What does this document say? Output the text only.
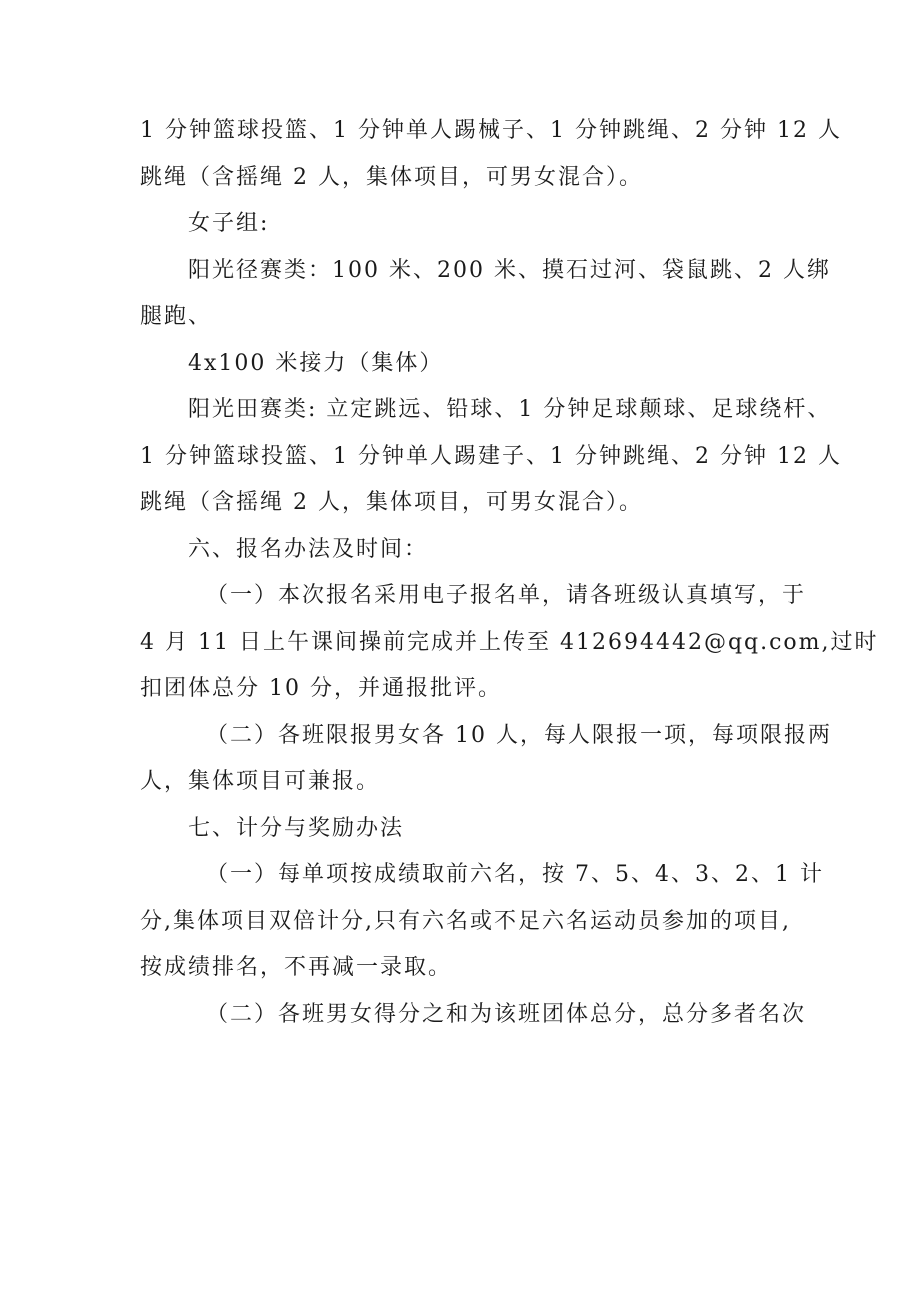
1 分钟篮球投篮、1 分钟单人踢械子、1 分钟跳绳、2 分钟 12 人
跳绳（含摇绳 2 人，集体项目，可男女混合）。
女子组:
阳光径赛类：100 米、200 米、摸石过河、袋鼠跳、2 人绑
腿跑、
4x100 米接力（集体）
阳光田赛类: 立定跳远、铅球、1 分钟足球颠球、足球绕杆、
1 分钟篮球投篮、1 分钟单人踢建子、1 分钟跳绳、2 分钟 12 人
跳绳（含摇绳 2 人，集体项目，可男女混合）。
六、报名办法及时间：
（一）本次报名采用电子报名单，请各班级认真填写，于
4 月 11 日上午课间操前完成并上传至 412694442@qq.com,过时
扣团体总分 10 分，并通报批评。
（二）各班限报男女各 10 人，每人限报一项，每项限报两
人，集体项目可兼报。
七、计分与奖励办法
（一）每单项按成绩取前六名，按 7、5、4、3、2、1 计
分,集体项目双倍计分,只有六名或不足六名运动员参加的项目,
按成绩排名，不再减一录取。
（二）各班男女得分之和为该班团体总分，总分多者名次
